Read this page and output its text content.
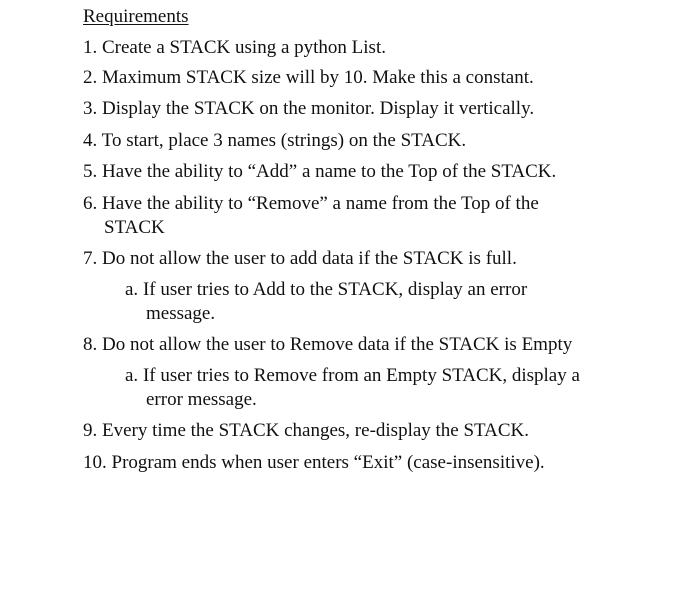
Requirements
1. Create a STACK using a python List.
2. Maximum STACK size will by 10. Make this a constant.
3. Display the STACK on the monitor. Display it vertically.
4. To start, place 3 names (strings) on the STACK.
5. Have the ability to “Add” a name to the Top of the STACK.
6. Have the ability to “Remove” a name from the Top of the
STACK
7. Do not allow the user to add data if the STACK is full.
a. If user tries to Add to the STACK, display an error
message.
8. Do not allow the user to Remove data if the STACK is Empty
a. If user tries to Remove from an Empty STACK, display a
error message.
9. Every time the STACK changes, re-display the STACK.
10. Program ends when user enters “Exit” (case-insensitive).
